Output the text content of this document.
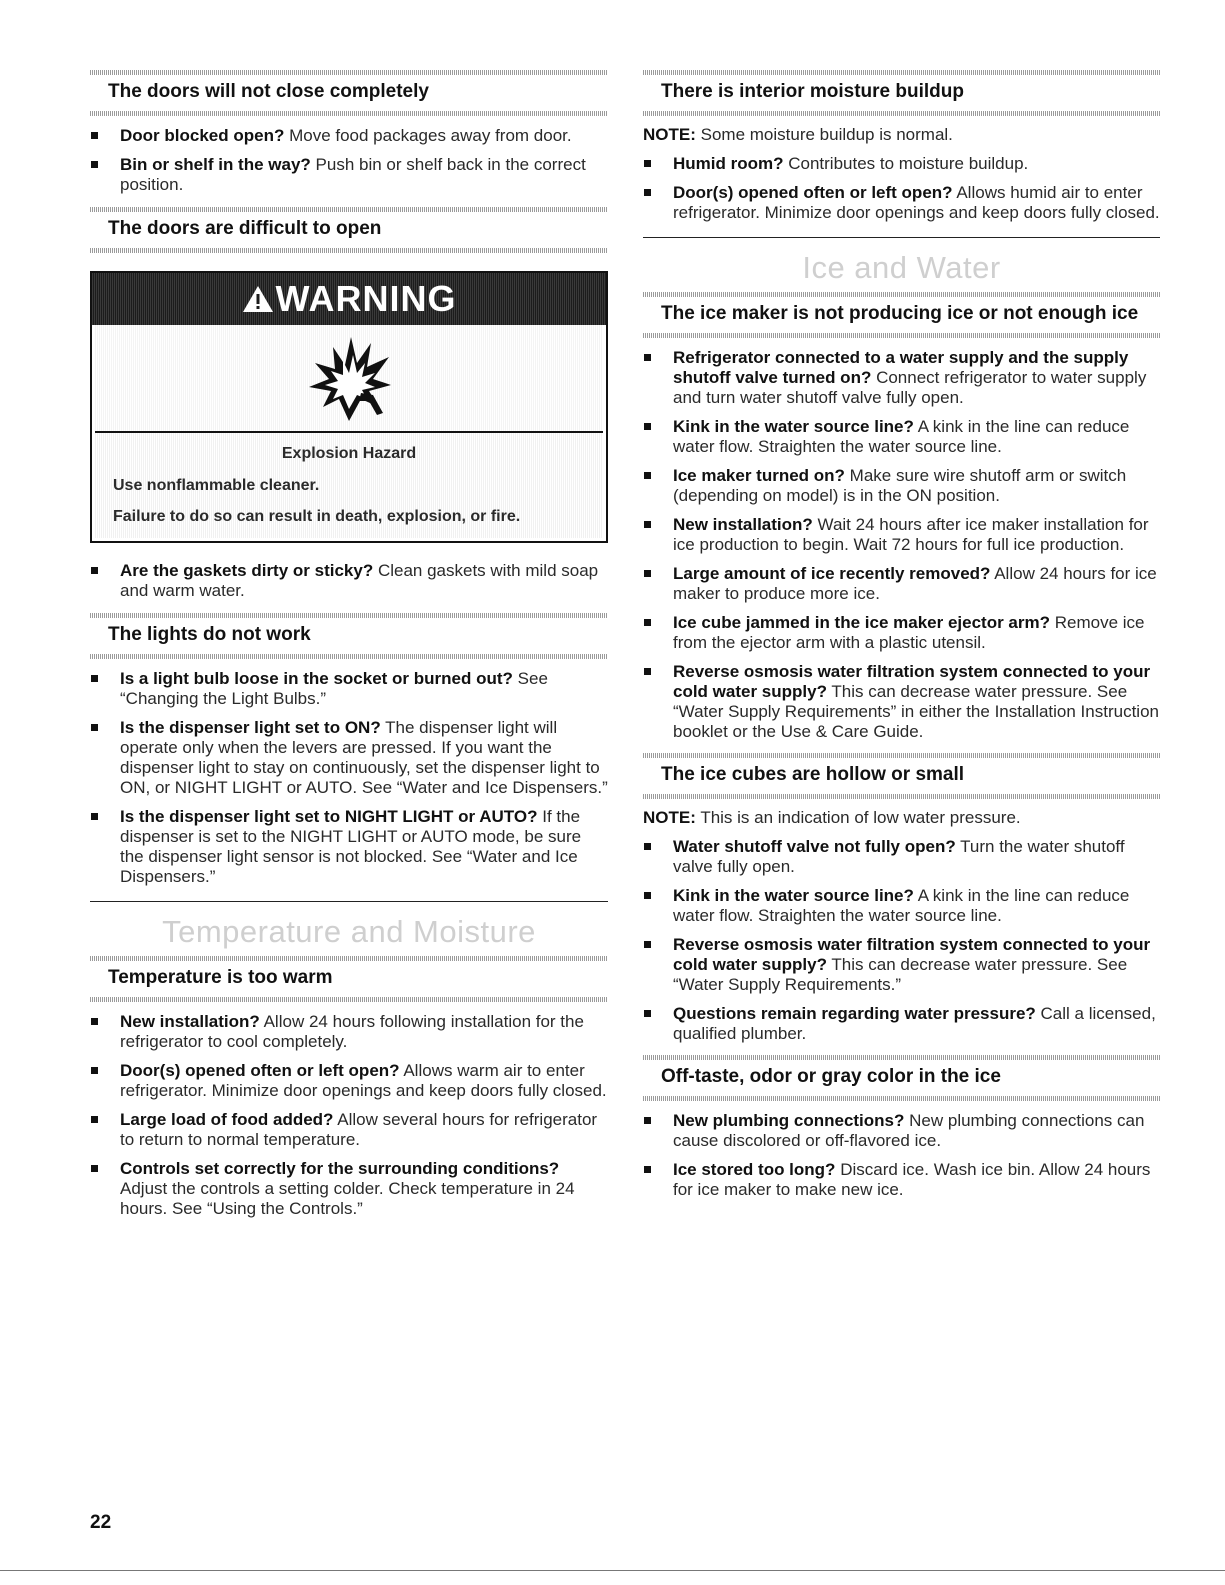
The doors will not close completely
Door blocked open? Move food packages away from door.
Bin or shelf in the way? Push bin or shelf back in the correct position.
The doors are difficult to open
WARNING
Explosion Hazard
Use nonflammable cleaner.
Failure to do so can result in death, explosion, or fire.
Are the gaskets dirty or sticky? Clean gaskets with mild soap and warm water.
The lights do not work
Is a light bulb loose in the socket or burned out? See “Changing the Light Bulbs.”
Is the dispenser light set to ON? The dispenser light will operate only when the levers are pressed. If you want the dispenser light to stay on continuously, set the dispenser light to ON, or NIGHT LIGHT or AUTO. See “Water and Ice Dispensers.”
Is the dispenser light set to NIGHT LIGHT or AUTO? If the dispenser is set to the NIGHT LIGHT or AUTO mode, be sure the dispenser light sensor is not blocked. See “Water and Ice Dispensers.”
Temperature and Moisture
Temperature is too warm
New installation? Allow 24 hours following installation for the refrigerator to cool completely.
Door(s) opened often or left open? Allows warm air to enter refrigerator. Minimize door openings and keep doors fully closed.
Large load of food added? Allow several hours for refrigerator to return to normal temperature.
Controls set correctly for the surrounding conditions? Adjust the controls a setting colder. Check temperature in 24 hours. See “Using the Controls.”
There is interior moisture buildup

NOTE: Some moisture buildup is normal.

Humid room? Contributes to moisture buildup.
Door(s) opened often or left open? Allows humid air to enter refrigerator. Minimize door openings and keep doors fully closed.
Ice and Water
The ice maker is not producing ice or not enough ice
Refrigerator connected to a water supply and the supply shutoff valve turned on? Connect refrigerator to water supply and turn water shutoff valve fully open.
Kink in the water source line? A kink in the line can reduce water flow. Straighten the water source line.
Ice maker turned on? Make sure wire shutoff arm or switch (depending on model) is in the ON position.
New installation? Wait 24 hours after ice maker installation for ice production to begin. Wait 72 hours for full ice production.
Large amount of ice recently removed? Allow 24 hours for ice maker to produce more ice.
Ice cube jammed in the ice maker ejector arm? Remove ice from the ejector arm with a plastic utensil.
Reverse osmosis water filtration system connected to your cold water supply? This can decrease water pressure. See “Water Supply Requirements” in either the Installation Instruction booklet or the Use & Care Guide.
The ice cubes are hollow or small

NOTE: This is an indication of low water pressure.

Water shutoff valve not fully open? Turn the water shutoff valve fully open.
Kink in the water source line? A kink in the line can reduce water flow. Straighten the water source line.
Reverse osmosis water filtration system connected to your cold water supply? This can decrease water pressure. See “Water Supply Requirements.”
Questions remain regarding water pressure? Call a licensed, qualified plumber.
Off-taste, odor or gray color in the ice
New plumbing connections? New plumbing connections can cause discolored or off-flavored ice.
Ice stored too long? Discard ice. Wash ice bin. Allow 24 hours for ice maker to make new ice.
22
